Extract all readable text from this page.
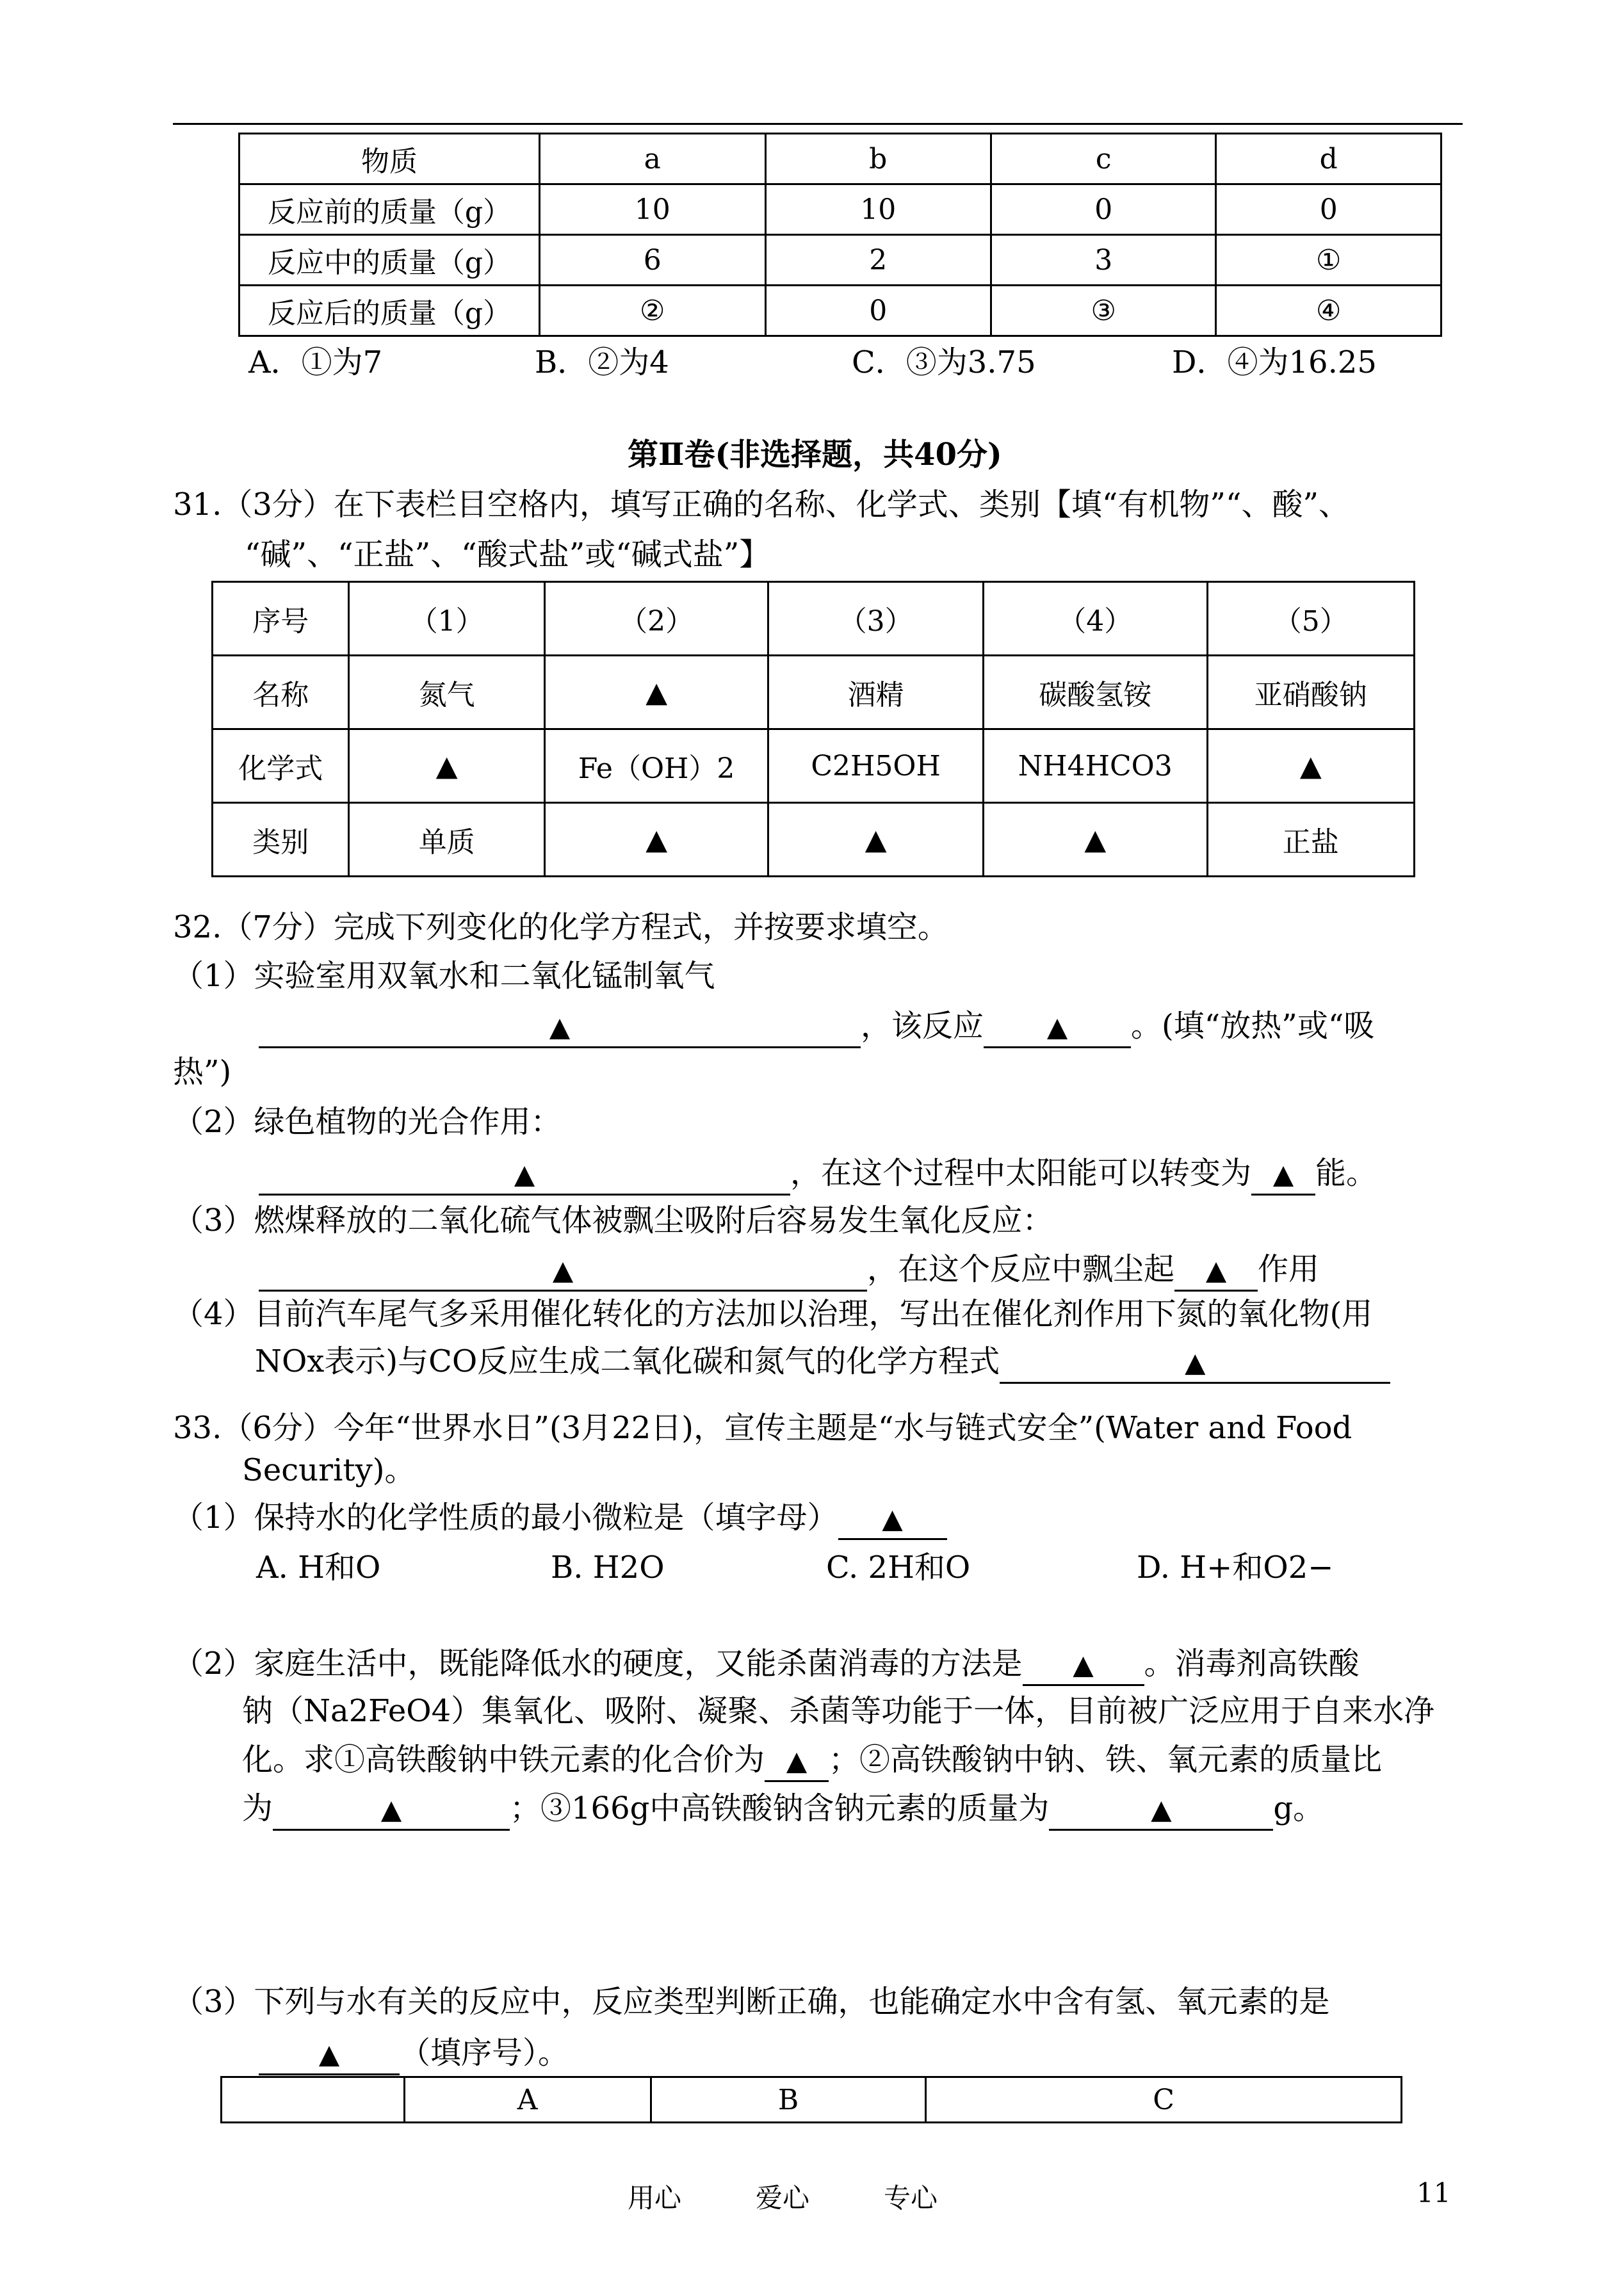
物质	a	b	c	d
反应前的质量（g）	10	10	0	0
反应中的质量（g）	6	2	3	①
反应后的质量（g）	②	0	③	④
A．①为7	B．②为4	C．③为3.75	D．④为16.25
第Ⅱ卷(非选择题，共40分)
31.（3分）在下表栏目空格内，填写正确的名称、化学式、类别【填“有机物”“、酸”、
“碱”、“正盐”、“酸式盐”或“碱式盐”】
序号	（1）	（2）	（3）	（4）	（5）
名称	氮气	▲	酒精	碳酸氢铵	亚硝酸钠
化学式	▲	Fe（OH）2	C2H5OH	NH4HCO3	▲
类别	单质	▲	▲	▲	正盐
32.（7分）完成下列变化的化学方程式，并按要求填空。
（1）实验室用双氧水和二氧化锰制氧气
▲	，该反应 ▲ 。(填“放热”或“吸
热”)
（2）绿色植物的光合作用：
▲	，在这个过程中太阳能可以转变为 ▲ 能。
（3）燃煤释放的二氧化硫气体被飘尘吸附后容易发生氧化反应：
▲	，在这个反应中飘尘起 ▲ 作用
（4）目前汽车尾气多采用催化转化的方法加以治理，写出在催化剂作用下氮的氧化物(用
NOx表示)与CO反应生成二氧化碳和氮气的化学方程式	▲
33.（6分）今年“世界水日”(3月22日)，宣传主题是“水与链式安全”(Water and Food
Security)。
（1）保持水的化学性质的最小微粒是（填字母） ▲
A. H和O	B. H2O	C. 2H和O	D. H+和O2−
（2）家庭生活中，既能降低水的硬度，又能杀菌消毒的方法是 ▲ 。消毒剂高铁酸
钠（Na2FeO4）集氧化、吸附、凝聚、杀菌等功能于一体，目前被广泛应用于自来水净
化。求①高铁酸钠中铁元素的化合价为 ▲ ；②高铁酸钠中钠、铁、氧元素的质量比
为	▲	；③166g中高铁酸钠含钠元素的质量为	▲	g。
（3）下列与水有关的反应中，反应类型判断正确，也能确定水中含有氢、氧元素的是
▲ （填序号）。
	A	B	C
用心	爱心	专心	11
